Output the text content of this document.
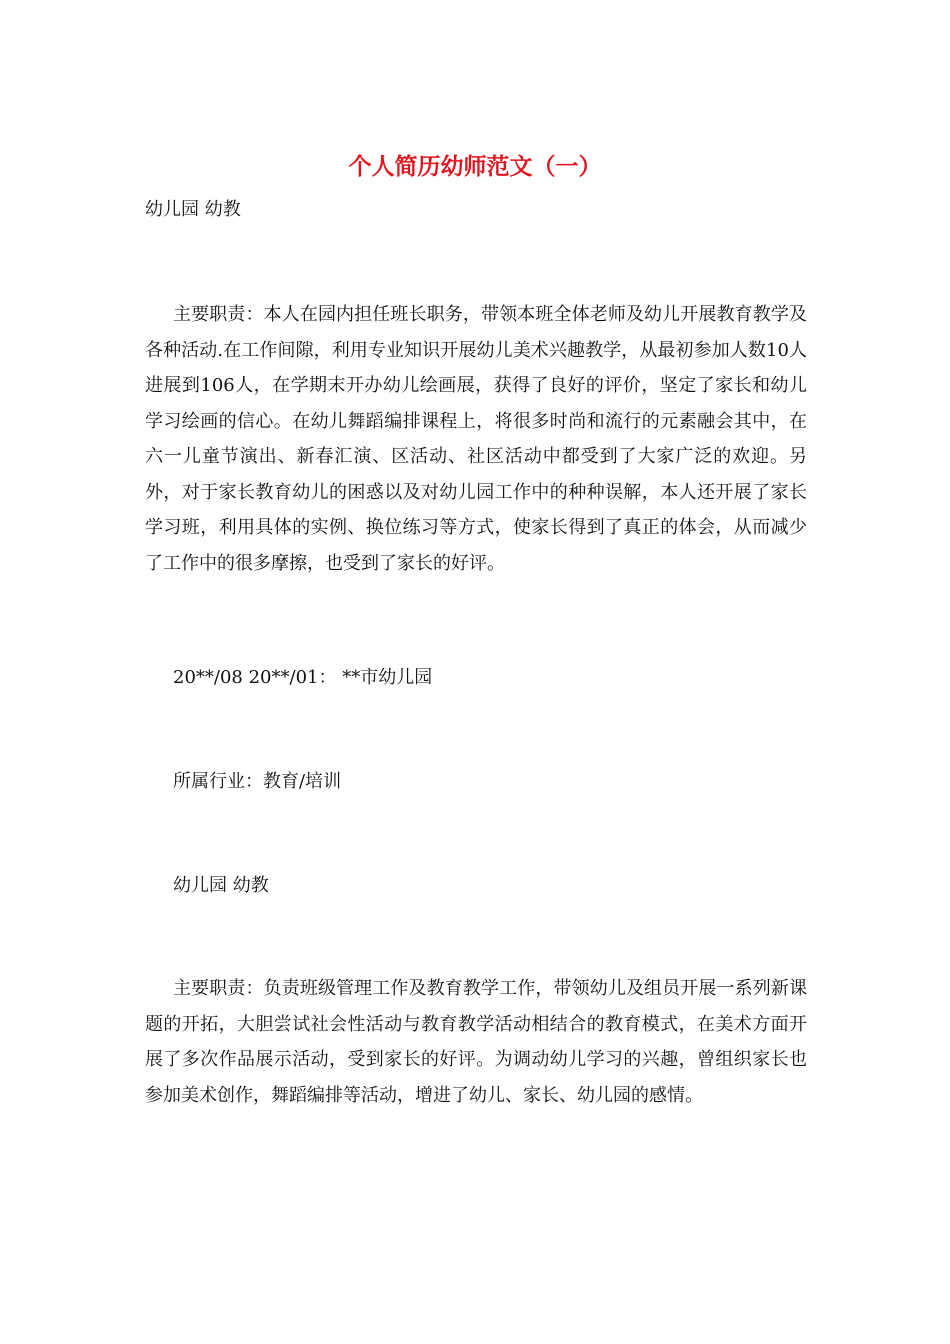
个人简历幼师范文（一）
幼儿园 幼教
主要职责：本人在园内担任班长职务，带领本班全体老师及幼儿开展教育教学及各种活动.在工作间隙，利用专业知识开展幼儿美术兴趣教学，从最初参加人数10人进展到106人，在学期末开办幼儿绘画展，获得了良好的评价，坚定了家长和幼儿学习绘画的信心。在幼儿舞蹈编排课程上，将很多时尚和流行的元素融会其中，在六一儿童节演出、新春汇演、区活动、社区活动中都受到了大家广泛的欢迎。另外，对于家长教育幼儿的困惑以及对幼儿园工作中的种种误解，本人还开展了家长学习班，利用具体的实例、换位练习等方式，使家长得到了真正的体会，从而减少了工作中的很多摩擦，也受到了家长的好评。
20**/08 20**/01： **市幼儿园
所属行业：教育/培训
幼儿园 幼教
主要职责：负责班级管理工作及教育教学工作，带领幼儿及组员开展一系列新课题的开拓，大胆尝试社会性活动与教育教学活动相结合的教育模式，在美术方面开展了多次作品展示活动，受到家长的好评。为调动幼儿学习的兴趣，曾组织家长也参加美术创作，舞蹈编排等活动，增进了幼儿、家长、幼儿园的感情。
